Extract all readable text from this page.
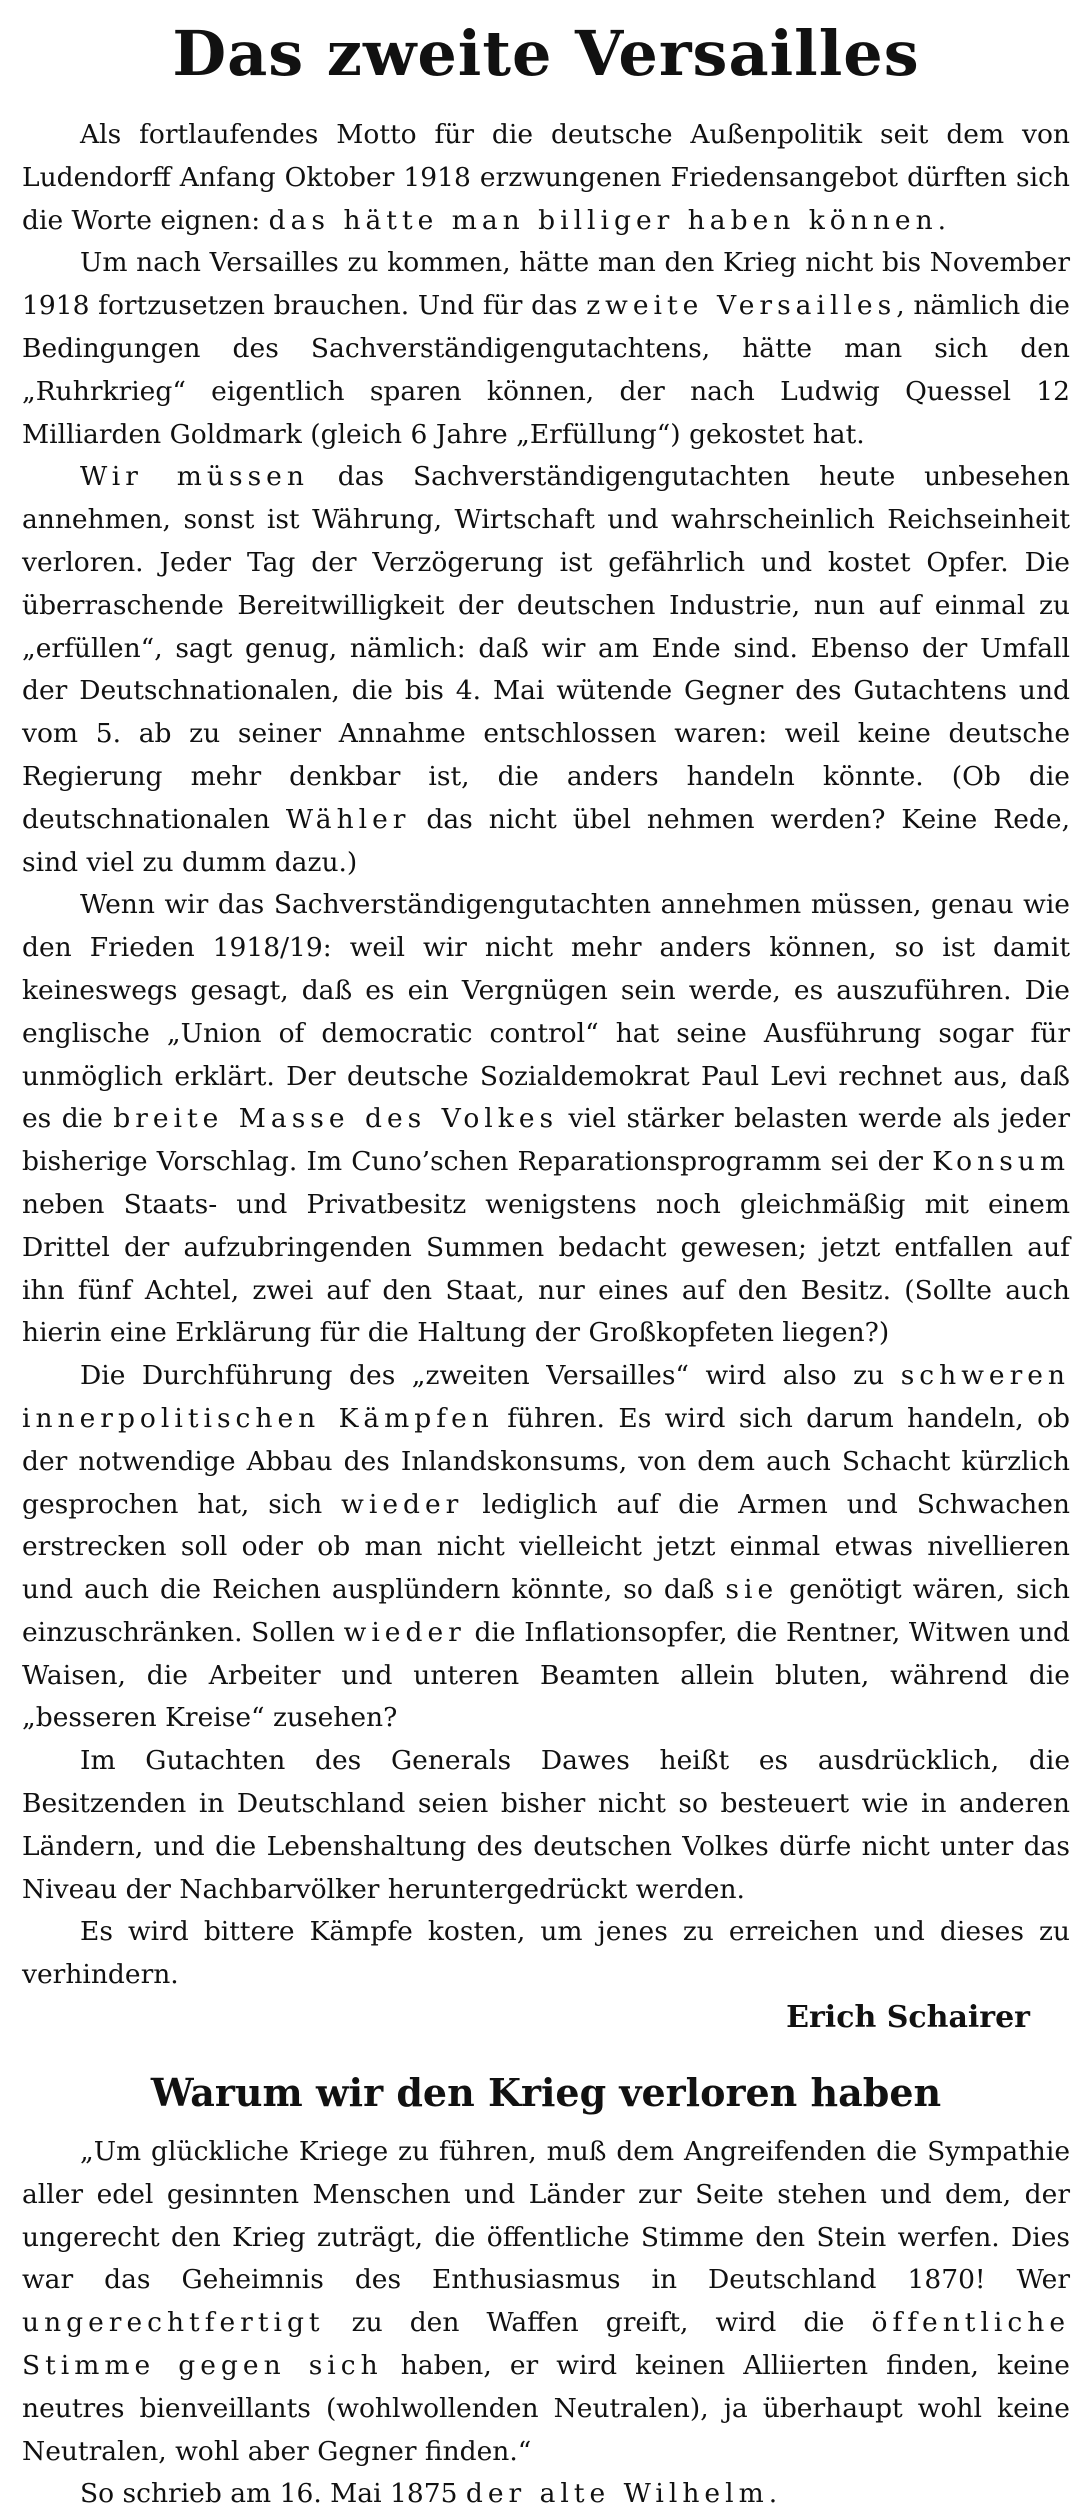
Das zweite Versailles

Als fortlaufendes Motto für die deutsche Außenpolitik seit dem von Ludendorff Anfang Oktober 1918 erzwungenen Friedensangebot dürften sich die Worte eignen: das hätte man billiger haben können.

Um nach Versailles zu kommen, hätte man den Krieg nicht bis November 1918 fortzusetzen brauchen. Und für das zweite Versailles, nämlich die Bedingungen des Sachverständigengutachtens, hätte man sich den „Ruhrkrieg“ eigentlich sparen können, der nach Ludwig Quessel 12 Milliarden Goldmark (gleich 6 Jahre „Erfüllung“) gekostet hat.

Wir müssen das Sachverständigengutachten heute unbesehen annehmen, sonst ist Währung, Wirtschaft und wahrscheinlich Reichseinheit verloren. Jeder Tag der Verzögerung ist gefährlich und kostet Opfer. Die überraschende Bereitwilligkeit der deutschen Industrie, nun auf einmal zu „erfüllen“, sagt genug, nämlich: daß wir am Ende sind. Ebenso der Umfall der Deutschnationalen, die bis 4. Mai wütende Gegner des Gutachtens und vom 5. ab zu seiner Annahme entschlossen waren: weil keine deutsche Regierung mehr denkbar ist, die anders handeln könnte. (Ob die deutschnationalen Wähler das nicht übel nehmen werden? Keine Rede, sind viel zu dumm dazu.)

Wenn wir das Sachverständigengutachten annehmen müssen, genau wie den Frieden 1918/19: weil wir nicht mehr anders können, so ist damit keineswegs gesagt, daß es ein Vergnügen sein werde, es auszuführen. Die englische „Union of democratic control“ hat seine Ausführung sogar für unmöglich erklärt. Der deutsche Sozialdemokrat Paul Levi rechnet aus, daß es die breite Masse des Volkes viel stärker belasten werde als jeder bisherige Vorschlag. Im Cuno’schen Reparationsprogramm sei der Konsum neben Staats- und Privatbesitz wenigstens noch gleichmäßig mit einem Drittel der aufzubringenden Summen bedacht gewesen; jetzt entfallen auf ihn fünf Achtel, zwei auf den Staat, nur eines auf den Besitz. (Sollte auch hierin eine Erklärung für die Haltung der Großkopfeten liegen?)

Die Durchführung des „zweiten Versailles“ wird also zu schweren innerpolitischen Kämpfen führen. Es wird sich darum handeln, ob der notwendige Abbau des Inlandskonsums, von dem auch Schacht kürzlich gesprochen hat, sich wieder lediglich auf die Armen und Schwachen erstrecken soll oder ob man nicht vielleicht jetzt einmal etwas nivellieren und auch die Reichen ausplündern könnte, so daß sie genötigt wären, sich einzuschränken. Sollen wieder die Inflationsopfer, die Rentner, Witwen und Waisen, die Arbeiter und unteren Beamten allein bluten, während die „besseren Kreise“ zusehen?

Im Gutachten des Generals Dawes heißt es ausdrücklich, die Besitzenden in Deutschland seien bisher nicht so besteuert wie in anderen Ländern, und die Lebenshaltung des deutschen Volkes dürfe nicht unter das Niveau der Nachbarvölker heruntergedrückt werden.

Es wird bittere Kämpfe kosten, um jenes zu erreichen und dieses zu verhindern.

Erich Schairer
Warum wir den Krieg verloren haben

„Um glückliche Kriege zu führen, muß dem Angreifenden die Sympathie aller edel gesinnten Menschen und Länder zur Seite stehen und dem, der ungerecht den Krieg zuträgt, die öffentliche Stimme den Stein werfen. Dies war das Geheimnis des Enthusiasmus in Deutschland 1870! Wer ungerechtfertigt zu den Waffen greift, wird die öffentliche Stimme gegen sich haben, er wird keinen Alliierten finden, keine neutres bienveillants (wohlwollenden Neutralen), ja überhaupt wohl keine Neutralen, wohl aber Gegner finden.“

So schrieb am 16. Mai 1875 der alte Wilhelm.
